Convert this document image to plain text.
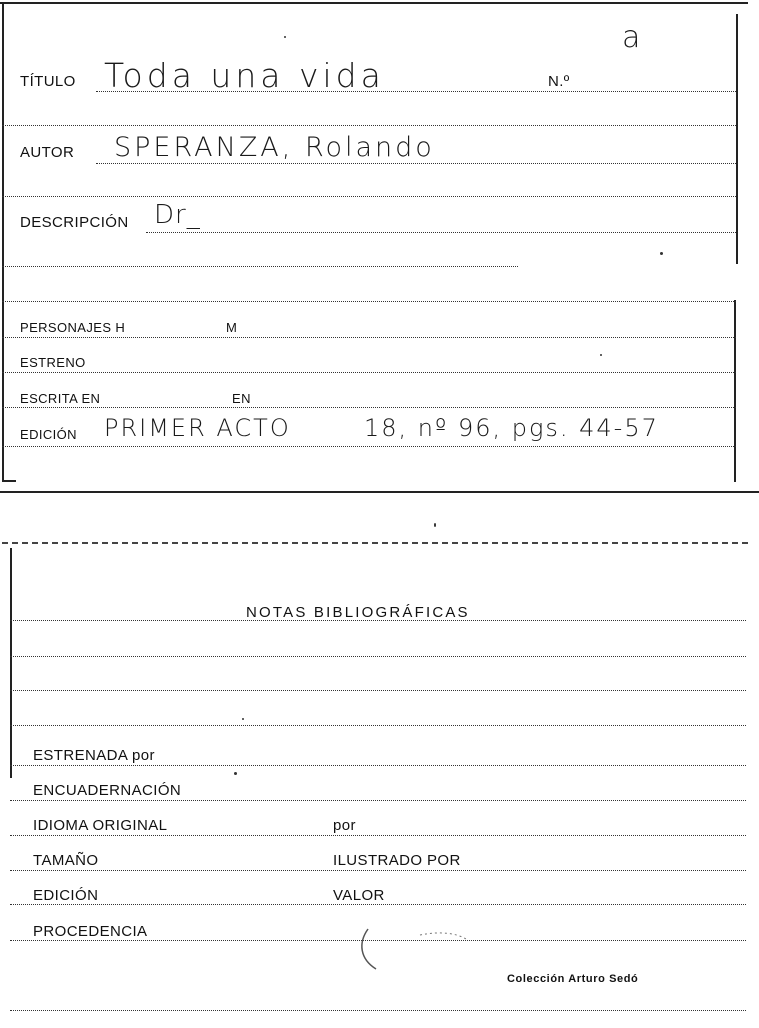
a
TÍTULO Toda una vida	N.º
AUTOR SPERANZA, Rolando
DESCRIPCIÓN Dr_
PERSONAJES H	M
ESTRENO
ESCRITA EN	EN
EDICIÓN PRIMER ACTO	18, nº 96, pgs. 44-57
NOTAS BIBLIOGRÁFICAS
ESTRENADA por
ENCUADERNACIÓN
IDIOMA ORIGINAL	por
TAMAÑO	ILUSTRADO POR
EDICIÓN	VALOR
PROCEDENCIA
Colección Arturo Sedó
